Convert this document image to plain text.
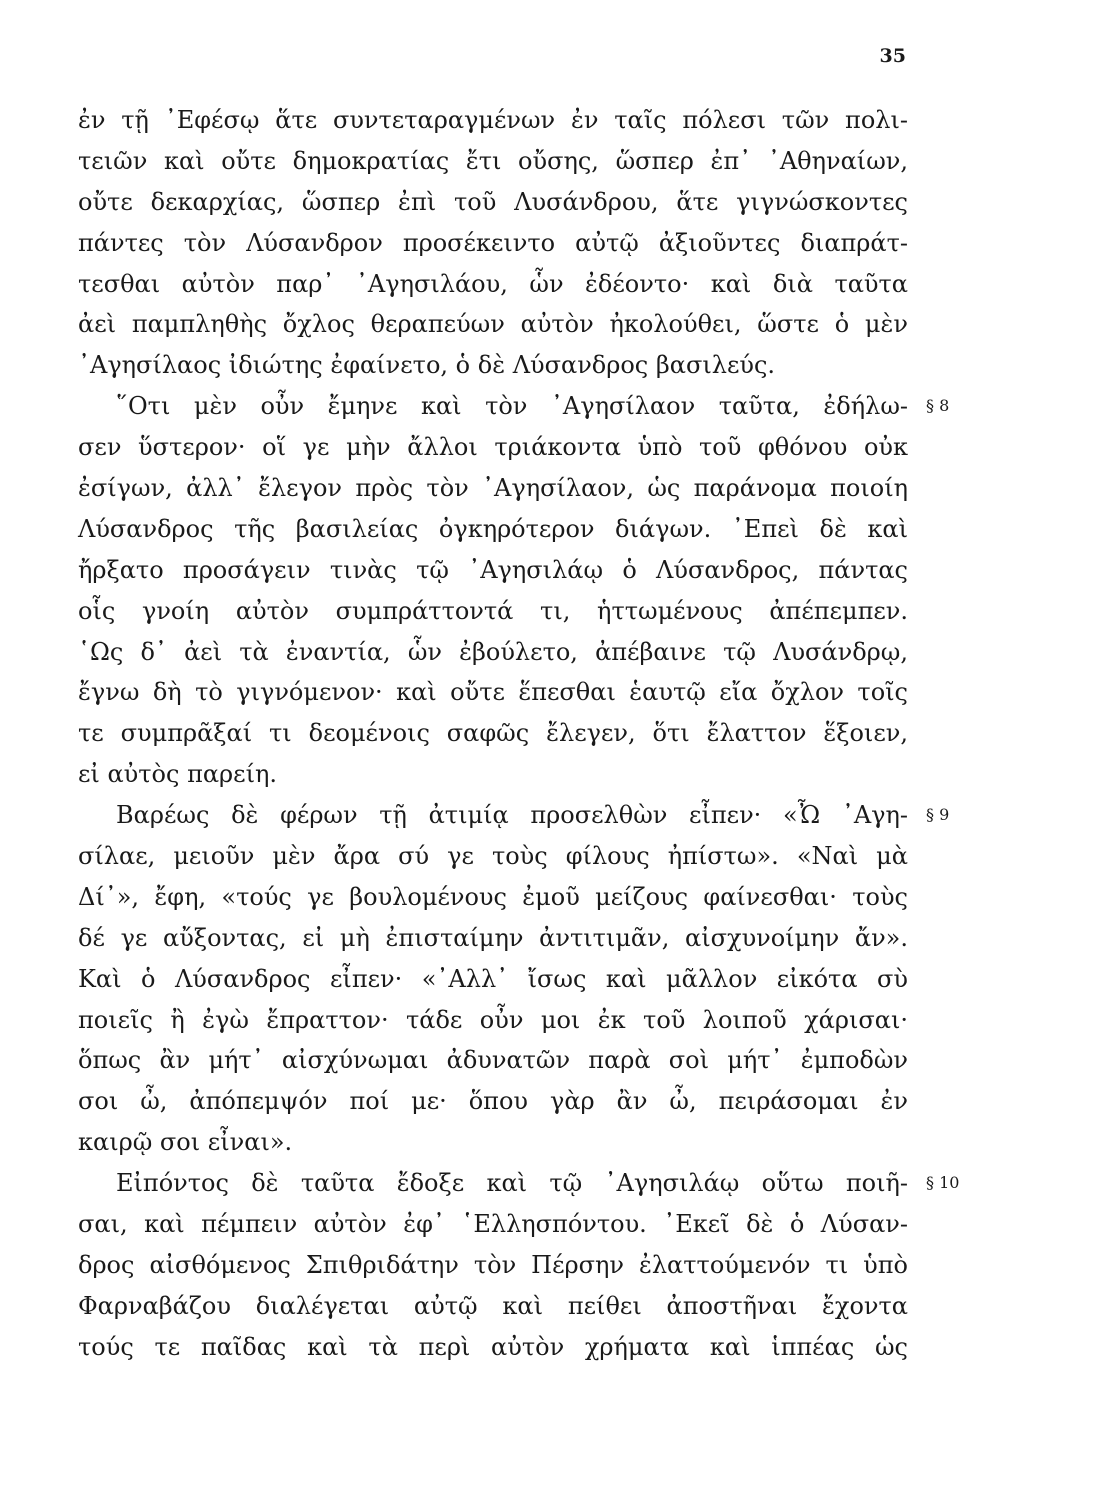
35
ἐν τῇ ᾿Εφέσῳ ἅτε συντεταραγμένων ἐν ταῖς πόλεσι τῶν πολι-
τειῶν καὶ οὔτε δημοκρατίας ἔτι οὔσης, ὥσπερ ἐπ᾿ ᾿Αθηναίων,
οὔτε δεκαρχίας, ὥσπερ ἐπὶ τοῦ Λυσάνδρου, ἅτε γιγνώσκοντες
πάντες τὸν Λύσανδρον προσέκειντο αὐτῷ ἀξιοῦντες διαπράτ-
τεσθαι αὐτὸν παρ᾿ ᾿Αγησιλάου, ὧν ἐδέοντο· καὶ διὰ ταῦτα
ἀεὶ παμπληθὴς ὄχλος θεραπεύων αὐτὸν ἠκολούθει, ὥστε ὁ μὲν
᾿Αγησίλαος ἰδιώτης ἐφαίνετο, ὁ δὲ Λύσανδρος βασιλεύς.
῞Οτι μὲν οὖν ἔμηνε καὶ τὸν ᾿Αγησίλαον ταῦτα, ἐδήλω- § 8
σεν ὕστερον· οἵ γε μὴν ἄλλοι τριάκοντα ὑπὸ τοῦ φθόνου οὐκ
ἐσίγων, ἀλλ᾿ ἔλεγον πρὸς τὸν ᾿Αγησίλαον, ὡς παράνομα ποιοίη
Λύσανδρος τῆς βασιλείας ὀγκηρότερον διάγων. ᾿Επεὶ δὲ καὶ
ἤρξατο προσάγειν τινὰς τῷ ᾿Αγησιλάῳ ὁ Λύσανδρος, πάντας
οἷς γνοίη αὐτὸν συμπράττοντά τι, ἡττωμένους ἀπέπεμπεν.
῾Ως δ᾿ ἀεὶ τὰ ἐναντία, ὧν ἐβούλετο, ἀπέβαινε τῷ Λυσάνδρῳ,
ἔγνω δὴ τὸ γιγνόμενον· καὶ οὔτε ἕπεσθαι ἑαυτῷ εἴα ὄχλον τοῖς
τε συμπρᾶξαί τι δεομένοις σαφῶς ἔλεγεν, ὅτι ἔλαττον ἕξοιεν,
εἰ αὐτὸς παρείη.
Βαρέως δὲ φέρων τῇ ἀτιμίᾳ προσελθὼν εἶπεν· «Ὦ ᾿Αγη- § 9
σίλαε, μειοῦν μὲν ἄρα σύ γε τοὺς φίλους ἠπίστω». «Ναὶ μὰ
Δί᾿», ἔφη, «τούς γε βουλομένους ἐμοῦ μείζους φαίνεσθαι· τοὺς
δέ γε αὔξοντας, εἰ μὴ ἐπισταίμην ἀντιτιμᾶν, αἰσχυνοίμην ἄν».
Καὶ ὁ Λύσανδρος εἶπεν· «᾿Αλλ᾿ ἴσως καὶ μᾶλλον εἰκότα σὺ
ποιεῖς ἢ ἐγὼ ἔπραττον· τάδε οὖν μοι ἐκ τοῦ λοιποῦ χάρισαι·
ὅπως ἂν μήτ᾿ αἰσχύνωμαι ἀδυνατῶν παρὰ σοὶ μήτ᾿ ἐμποδὼν
σοι ὦ, ἀπόπεμψόν ποί με· ὅπου γὰρ ἂν ὦ, πειράσομαι ἐν
καιρῷ σοι εἶναι».
Εἰπόντος δὲ ταῦτα ἔδοξε καὶ τῷ ᾿Αγησιλάῳ οὕτω ποιῆ- § 10
σαι, καὶ πέμπειν αὐτὸν ἐφ᾿ ῾Ελλησπόντου. ᾿Εκεῖ δὲ ὁ Λύσαν-
δρος αἰσθόμενος Σπιθριδάτην τὸν Πέρσην ἐλαττούμενόν τι ὑπὸ
Φαρναβάζου διαλέγεται αὐτῷ καὶ πείθει ἀποστῆναι ἔχοντα
τούς τε παῖδας καὶ τὰ περὶ αὐτὸν χρήματα καὶ ἱππέας ὡς
